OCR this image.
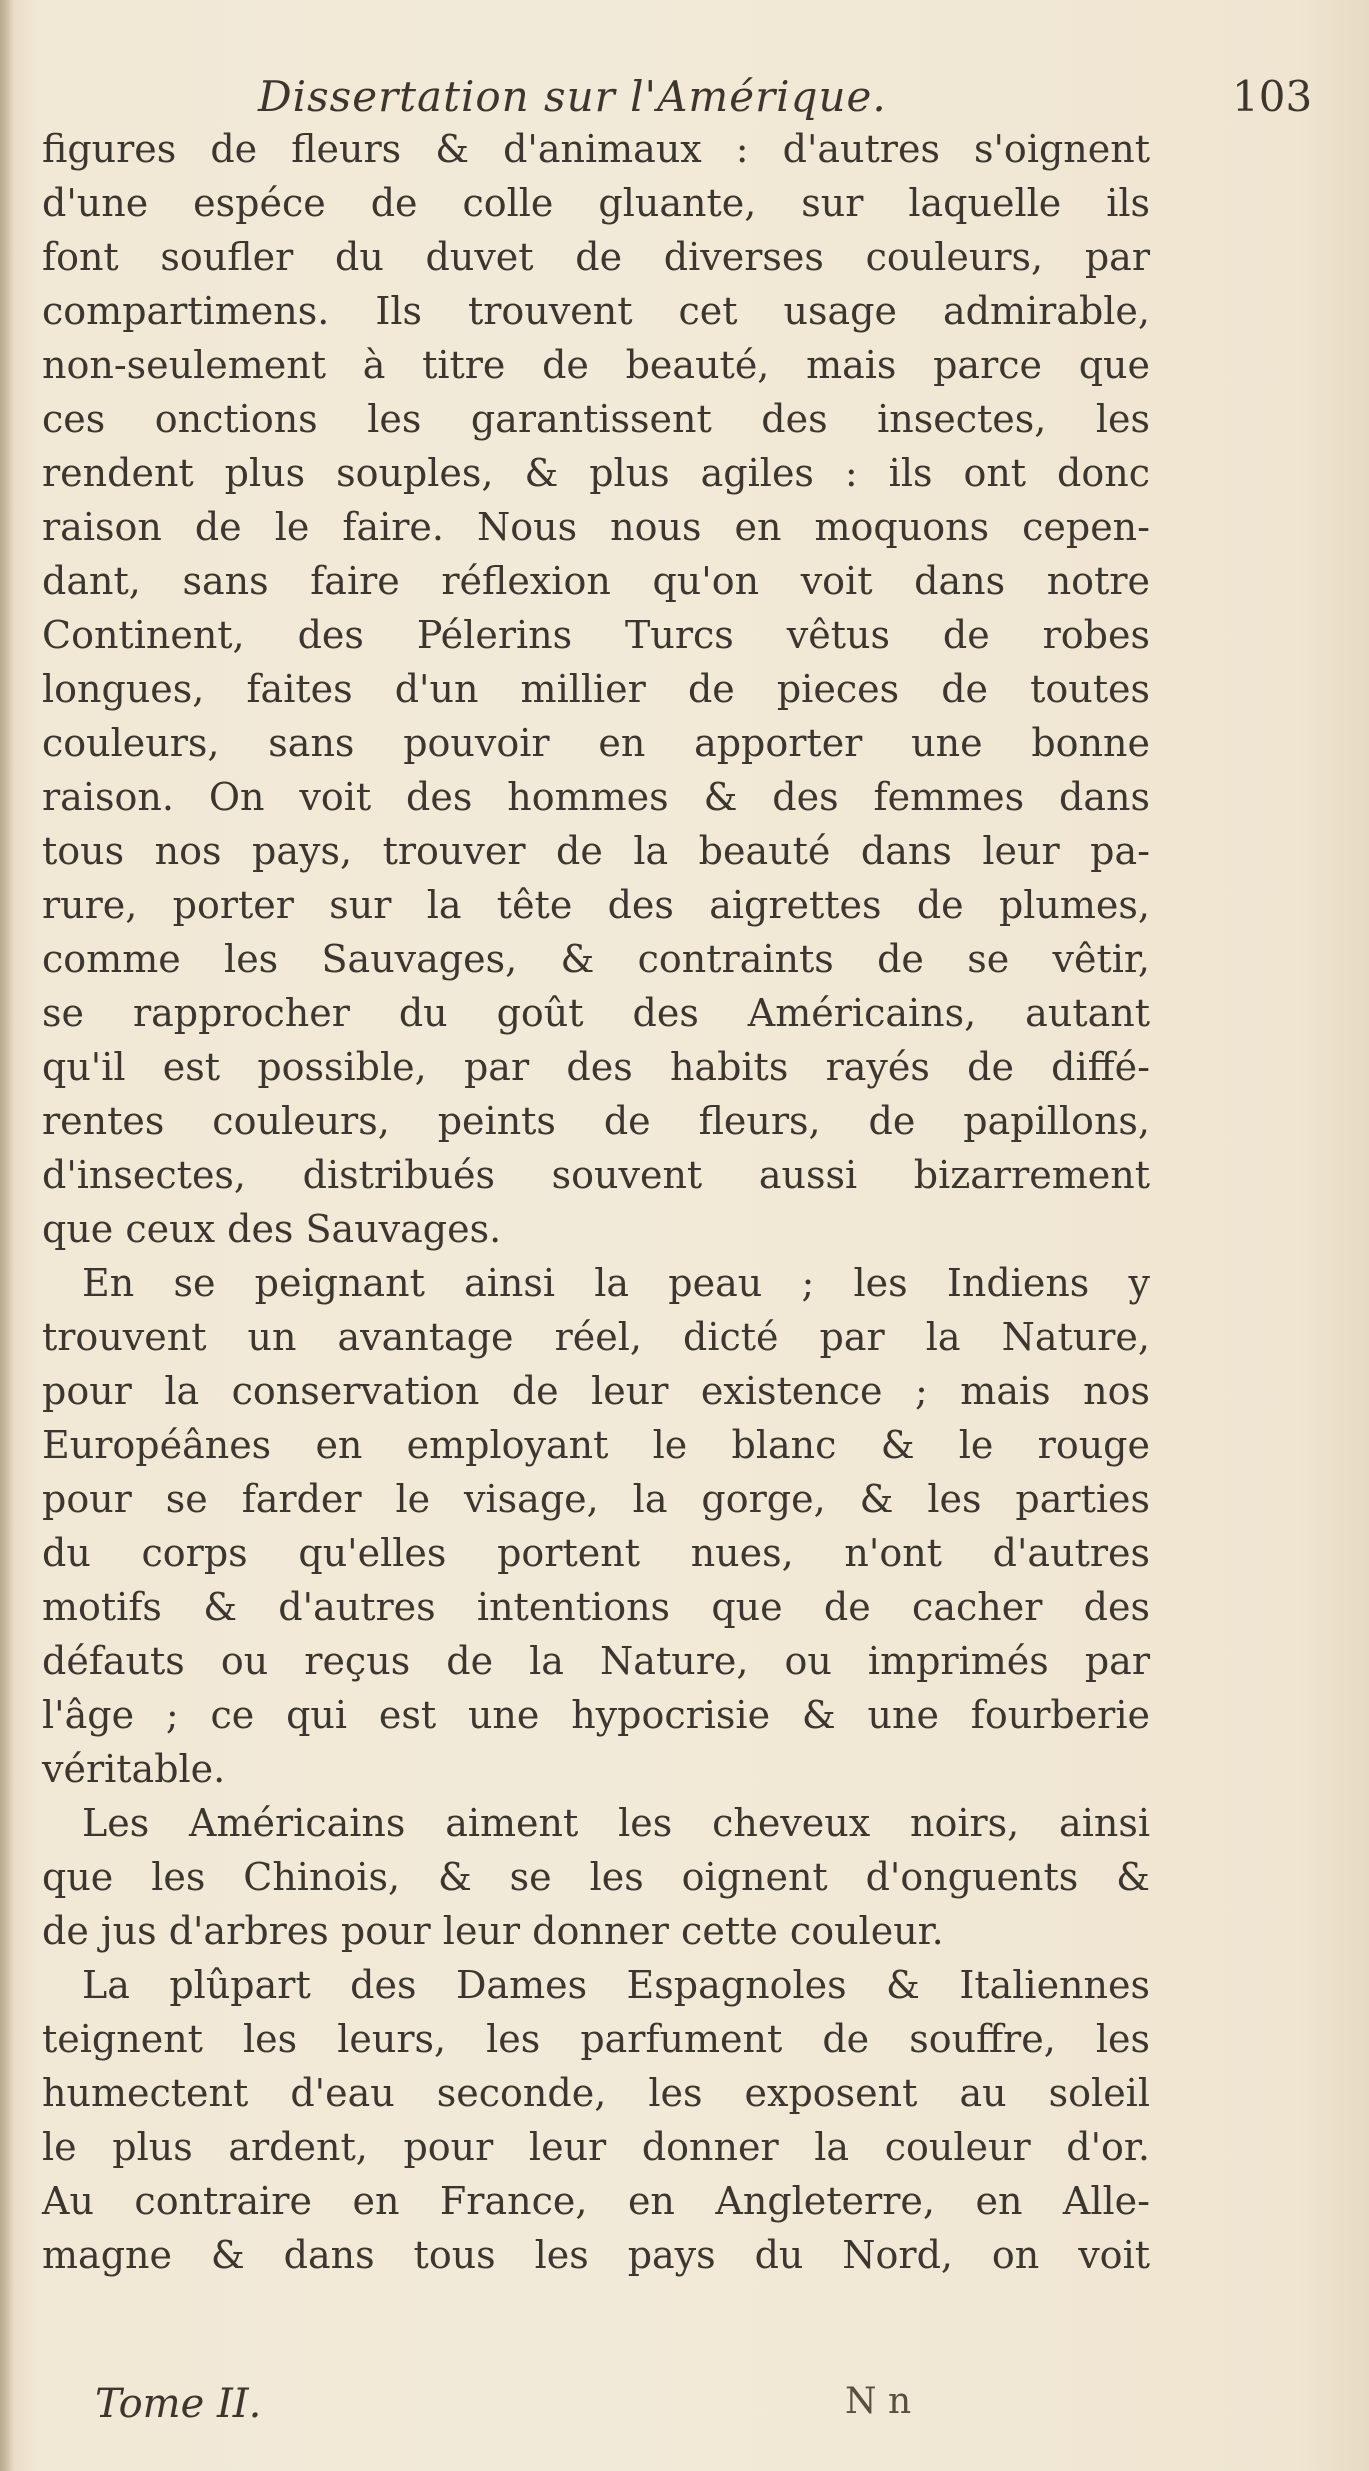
Dissertation sur l'Amérique.	103
figures de fleurs & d'animaux : d'autres s'oignent
d'une espéce de colle gluante, sur laquelle ils
font soufler du duvet de diverses couleurs, par
compartimens. Ils trouvent cet usage admirable,
non-seulement à titre de beauté, mais parce que
ces onctions les garantissent des insectes, les
rendent plus souples, & plus agiles : ils ont donc
raison de le faire. Nous nous en moquons cepen-
dant, sans faire réflexion qu'on voit dans notre
Continent, des Pélerins Turcs vêtus de robes
longues, faites d'un millier de pieces de toutes
couleurs, sans pouvoir en apporter une bonne
raison. On voit des hommes & des femmes dans
tous nos pays, trouver de la beauté dans leur pa-
rure, porter sur la tête des aigrettes de plumes,
comme les Sauvages, & contraints de se vêtir,
se rapprocher du goût des Américains, autant
qu'il est possible, par des habits rayés de diffé-
rentes couleurs, peints de fleurs, de papillons,
d'insectes, distribués souvent aussi bizarrement
que ceux des Sauvages.
En se peignant ainsi la peau ; les Indiens y
trouvent un avantage réel, dicté par la Nature,
pour la conservation de leur existence ; mais nos
Européânes en employant le blanc & le rouge
pour se farder le visage, la gorge, & les parties
du corps qu'elles portent nues, n'ont d'autres
motifs & d'autres intentions que de cacher des
défauts ou reçus de la Nature, ou imprimés par
l'âge ; ce qui est une hypocrisie & une fourberie
véritable.
Les Américains aiment les cheveux noirs, ainsi
que les Chinois, & se les oignent d'onguents &
de jus d'arbres pour leur donner cette couleur.
La plûpart des Dames Espagnoles & Italiennes
teignent les leurs, les parfument de souffre, les
humectent d'eau seconde, les exposent au soleil
le plus ardent, pour leur donner la couleur d'or.
Au contraire en France, en Angleterre, en Alle-
magne & dans tous les pays du Nord, on voit
Tome II.	N n
